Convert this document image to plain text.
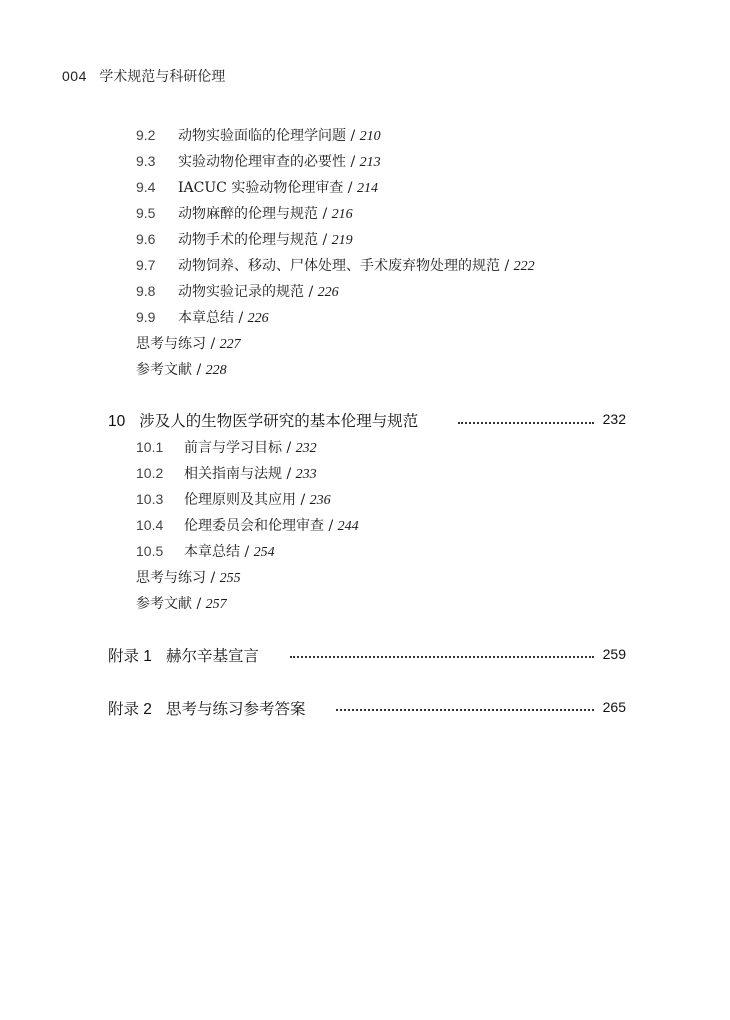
004 学术规范与科研伦理
9.2 动物实验面临的伦理学问题 / 210
9.3 实验动物伦理审查的必要性 / 213
9.4 IACUC 实验动物伦理审查 / 214
9.5 动物麻醉的伦理与规范 / 216
9.6 动物手术的伦理与规范 / 219
9.7 动物饲养、移动、尸体处理、手术废弃物处理的规范 / 222
9.8 动物实验记录的规范 / 226
9.9 本章总结 / 226
思考与练习 / 227
参考文献 / 228
10 涉及人的生物医学研究的基本伦理与规范	232
10.1 前言与学习目标 / 232
10.2 相关指南与法规 / 233
10.3 伦理原则及其应用 / 236
10.4 伦理委员会和伦理审查 / 244
10.5 本章总结 / 254
思考与练习 / 255
参考文献 / 257
附录 1 赫尔辛基宣言	259
附录 2 思考与练习参考答案	265
